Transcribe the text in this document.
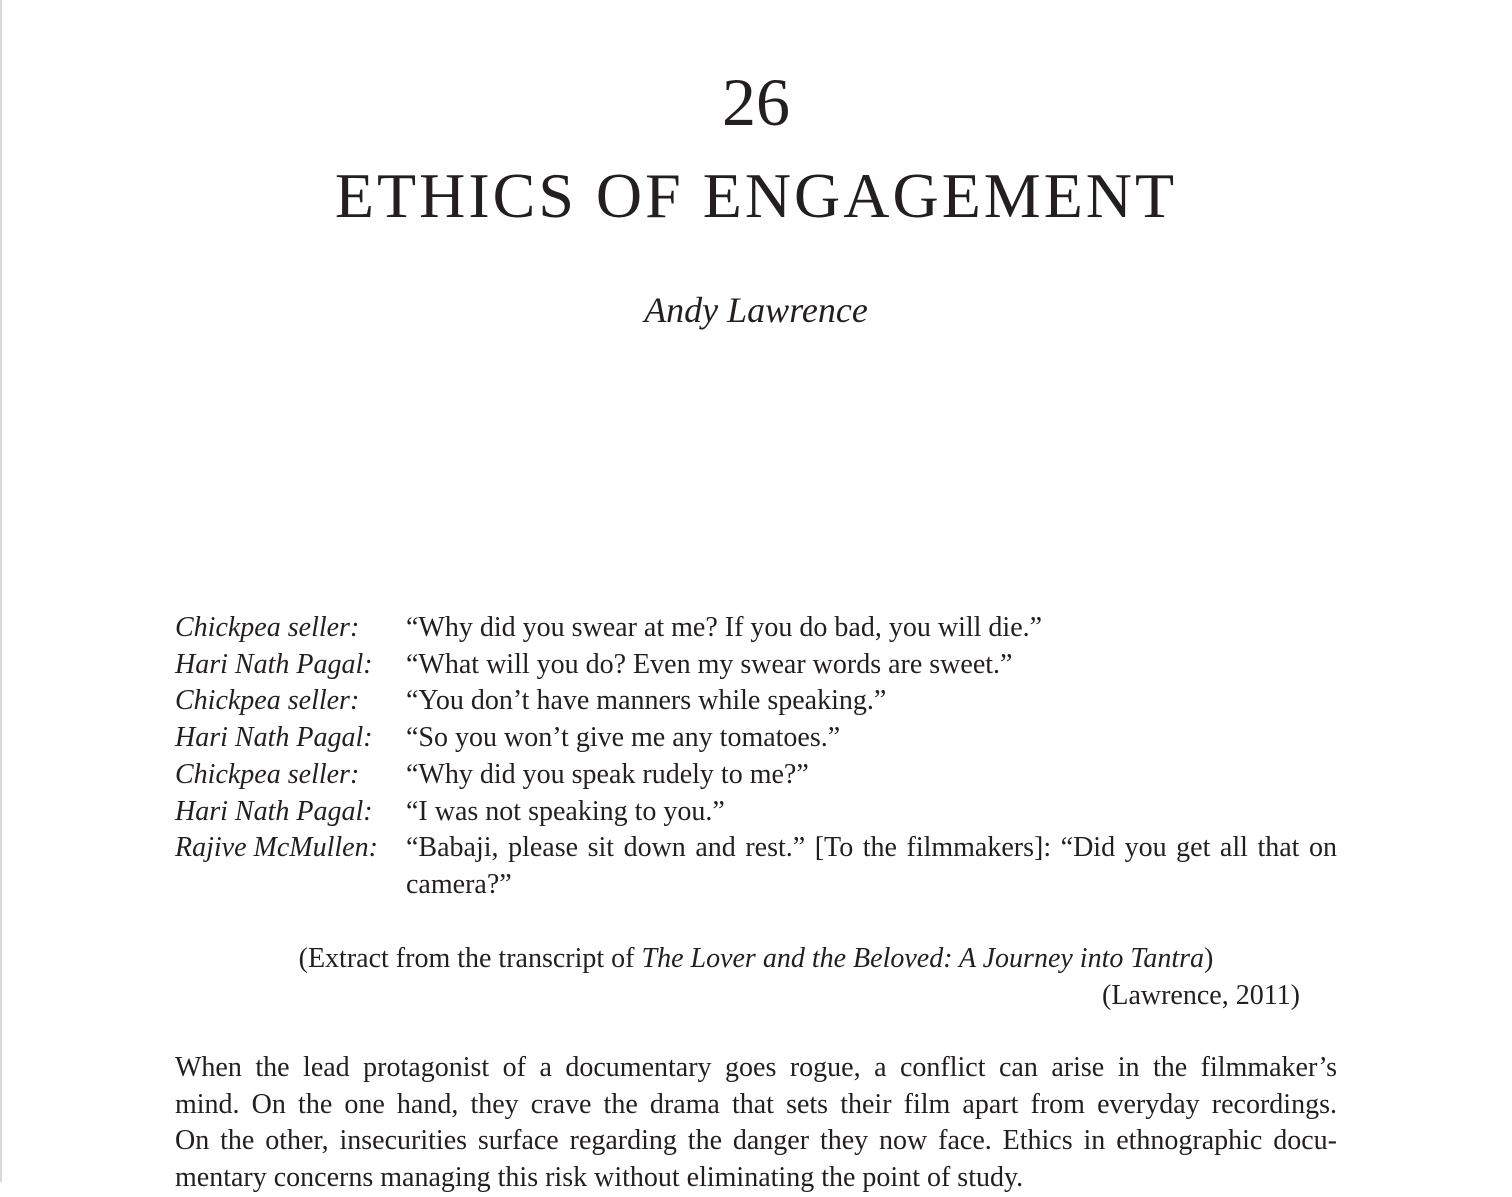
26
ETHICS OF ENGAGEMENT
Andy Lawrence
Chickpea seller:	“Why did you swear at me? If you do bad, you will die.”
Hari Nath Pagal:	“What will you do? Even my swear words are sweet.”
Chickpea seller:	“You don’t have manners while speaking.”
Hari Nath Pagal:	“So you won’t give me any tomatoes.”
Chickpea seller:	“Why did you speak rudely to me?”
Hari Nath Pagal:	“I was not speaking to you.”
Rajive McMullen:	“Babaji, please sit down and rest.” [To the filmmakers]: “Did you get all that on camera?”
(Extract from the transcript of The Lover and the Beloved: A Journey into Tantra)
(Lawrence, 2011)
When the lead protagonist of a documentary goes rogue, a conflict can arise in the filmmaker’s
mind. On the one hand, they crave the drama that sets their film apart from everyday recordings.
On the other, insecurities surface regarding the danger they now face. Ethics in ethnographic docu-
mentary concerns managing this risk without eliminating the point of study.
